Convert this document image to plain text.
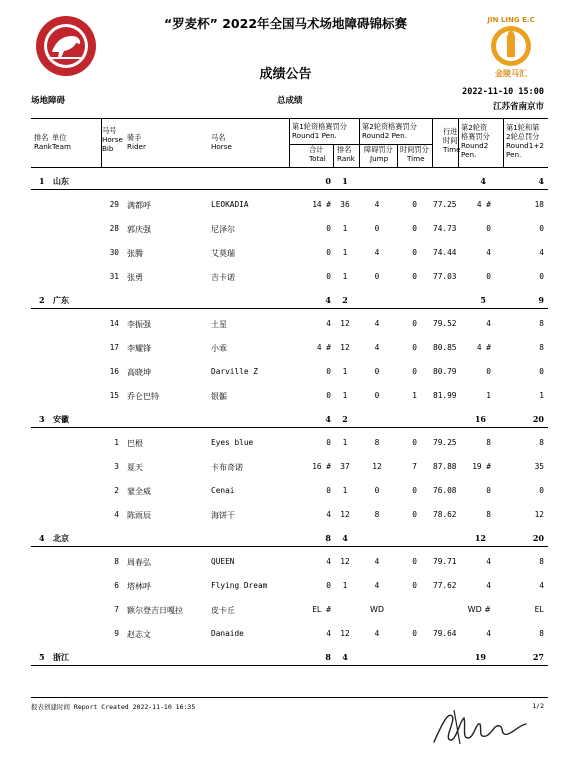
JIN LING E.C
金陵马汇
“罗麦杯” 2022年全国马术场地障碍锦标赛
成绩公告
场地障碍	总成绩
2022-11-10 15:00
江苏省南京市
排名
Rank
单位
Team
马号
Horse
Bib
骑手
Rider
马名
Horse
第1轮资格赛罚分
Round1 Pen.
合计
Total
排名
Rank
第2轮资格赛罚分
Round2 Pen.
障碍罚分
Jump
时间罚分
Time
行进
时间
Time
第2轮资
格赛罚分
Round2
Pen.
第1轮和第
2轮总罚分
Round1+2
Pen.
1 山东	0	1	4	4
29 满都呼	LEOKADIA	14 #	36	4	0 77.25	4 #	18
28 郭庆强	尼泽尔	0	1	0	0 74.73	0	0
30 张腾	艾莫瑞	0	1	4	0 74.44	4	4
31 张勇	吉卡诺	0	1	0	0 77.03	0	0
2 广东	4	2	5	9
14 李振强	土星	4	12	4	0 79.52	4	8
17 李耀锋	小乖	4 #	12	4	0 80.85	4 #	8
16 高晓坤	Darville Z	0	1	0	0 80.79	0	0
15 乔仑巴特	银骺	0	1	0	1 81.99	1	1
3 安徽	4	2	16	20
1 巴根	Eyes blue	0	1	8	0 79.25	8	8
3 夏天	卡布奇诺	16 #	37	12	7 87.88	19 #	35
2 蒙全威	Cenai	0	1	0	0 76.08	0	0
4 陈雨辰	海饼干	4	12	8	0 78.62	8	12
4 北京	8	4	12	20
8 周春弘	QUEEN	4	12	4	0 79.71	4	8
6 塔林呼	Flying Dream	0	1	4	0 77.62	4	4
7 额尔登吉日嘎拉	皮卡丘	EL #	WD	WD #	EL
9 赵志文	Danaide	4	12	4	0 79.64	4	8
5 浙江	8	4	19	27
报表创建时间 Report Created 2022-11-10 16:35	1/2
